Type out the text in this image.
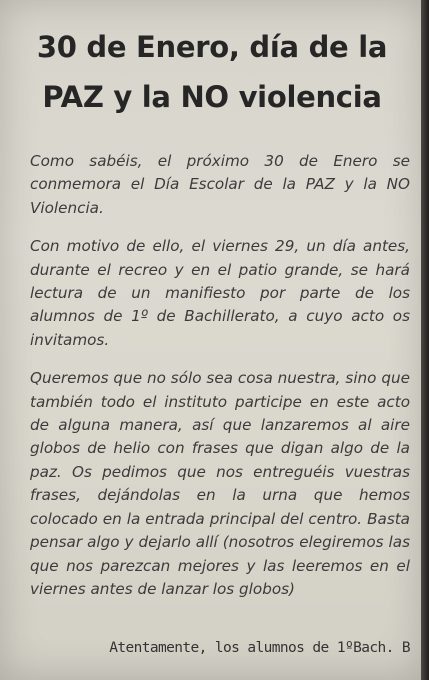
30 de Enero, día de la
PAZ y la NO violencia

Como sabéis, el próximo 30 de Enero se conmemora el Día Escolar de la PAZ y la NO Violencia.

Con motivo de ello, el viernes 29, un día antes, durante el recreo y en el patio grande, se hará lectura de un manifiesto por parte de los alumnos de 1º de Bachillerato, a cuyo acto os invitamos.

Queremos que no sólo sea cosa nuestra, sino que también todo el instituto participe en este acto de alguna manera, así que lanzaremos al aire globos de helio con frases que digan algo de la paz. Os pedimos que nos entreguéis vuestras frases, dejándolas en la urna que hemos colocado en la entrada principal del centro. Basta pensar algo y dejarlo allí (nosotros elegiremos las que nos parezcan mejores y las leeremos en el viernes antes de lanzar los globos)

Atentamente, los alumnos de 1ºBach. B
